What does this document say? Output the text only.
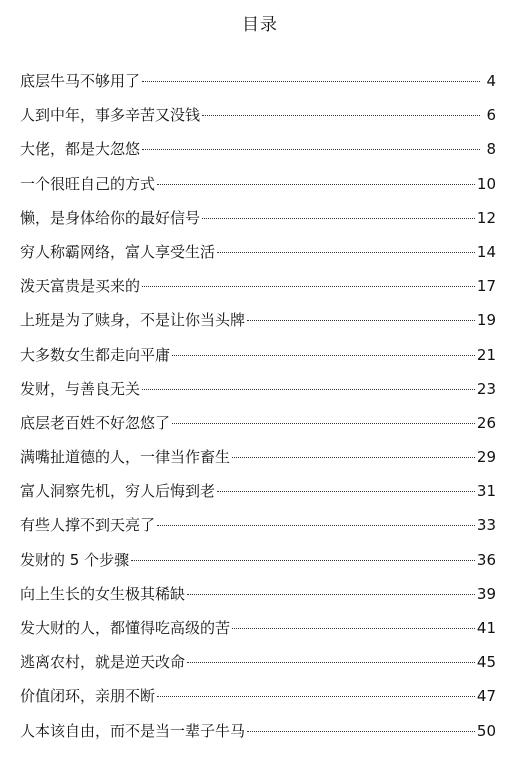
目录
底层牛马不够用了	4
人到中年，事多辛苦又没钱	6
大佬，都是大忽悠	8
一个很旺自己的方式	10
懒，是身体给你的最好信号	12
穷人称霸网络，富人享受生活	14
泼天富贵是买来的	17
上班是为了赎身，不是让你当头牌	19
大多数女生都走向平庸	21
发财，与善良无关	23
底层老百姓不好忽悠了	26
满嘴扯道德的人，一律当作畜生	29
富人洞察先机，穷人后悔到老	31
有些人撑不到天亮了	33
发财的 5 个步骤	36
向上生长的女生极其稀缺	39
发大财的人，都懂得吃高级的苦	41
逃离农村，就是逆天改命	45
价值闭环，亲朋不断	47
人本该自由，而不是当一辈子牛马	50
